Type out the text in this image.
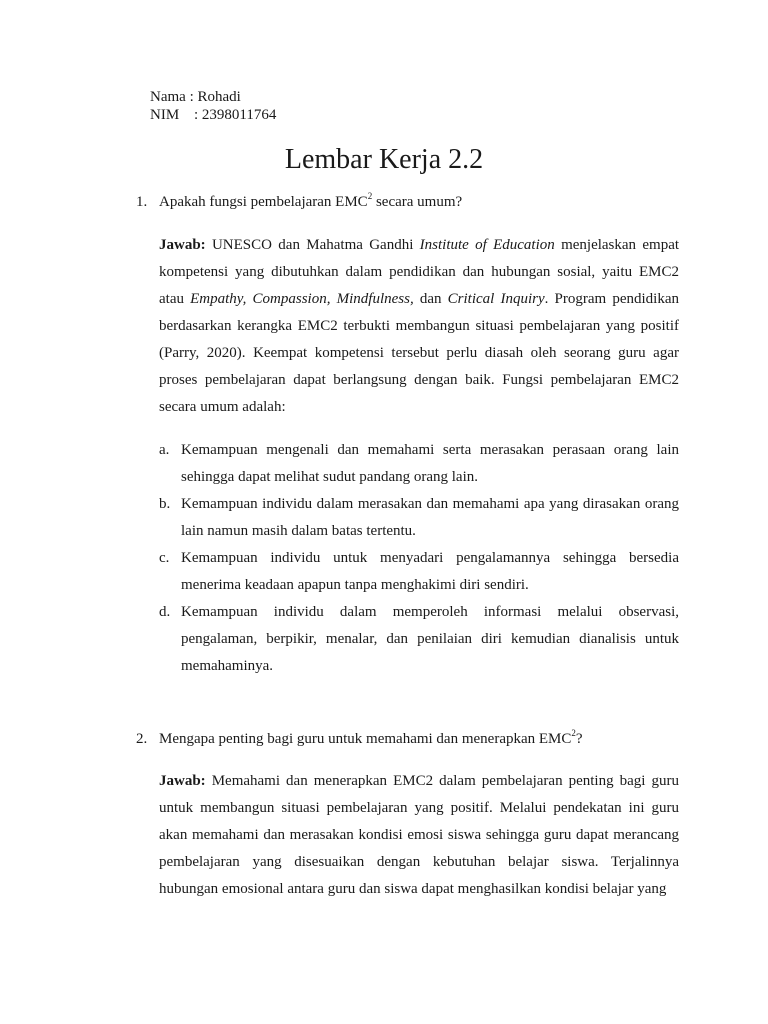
Nama
: Rohadi
NIM : 2398011764
Lembar Kerja 2.2
1. Apakah fungsi pembelajaran EMC$^2$ secara umum?
Jawab: UNESCO dan Mahatma Gandhi Institute of Education menjelaskan empat kompetensi yang dibutuhkan dalam pendidikan dan hubungan sosial, yaitu EMC2 atau Empathy, Compassion, Mindfulness, dan Critical Inquiry. Program pendidikan berdasarkan kerangka EMC2 terbukti membangun situasi pembelajaran yang positif (Parry, 2020). Keempat kompetensi tersebut perlu diasah oleh seorang guru agar proses pembelajaran dapat berlangsung dengan baik. Fungsi pembelajaran EMC2 secara umum adalah:
a. Kemampuan mengenali dan memahami serta merasakan perasaan orang lain sehingga dapat melihat sudut pandang orang lain.
b. Kemampuan individu dalam merasakan dan memahami apa yang dirasakan orang lain namun masih dalam batas tertentu.
c. Kemampuan individu untuk menyadari pengalamannya sehingga bersedia menerima keadaan apapun tanpa menghakimi diri sendiri.
d. Kemampuan individu dalam memperoleh informasi melalui observasi, pengalaman, berpikir, menalar, dan penilaian diri kemudian dianalisis untuk memahaminya.
2. Mengapa penting bagi guru untuk memahami dan menerapkan EMC$^2$?
Jawab: Memahami dan menerapkan EMC2 dalam pembelajaran penting bagi guru untuk membangun situasi pembelajaran yang positif. Melalui pendekatan ini guru akan memahami dan merasakan kondisi emosi siswa sehingga guru dapat merancang pembelajaran yang disesuaikan dengan kebutuhan belajar siswa. Terjalinnya hubungan emosional antara guru dan siswa dapat menghasilkan kondisi belajar yang
